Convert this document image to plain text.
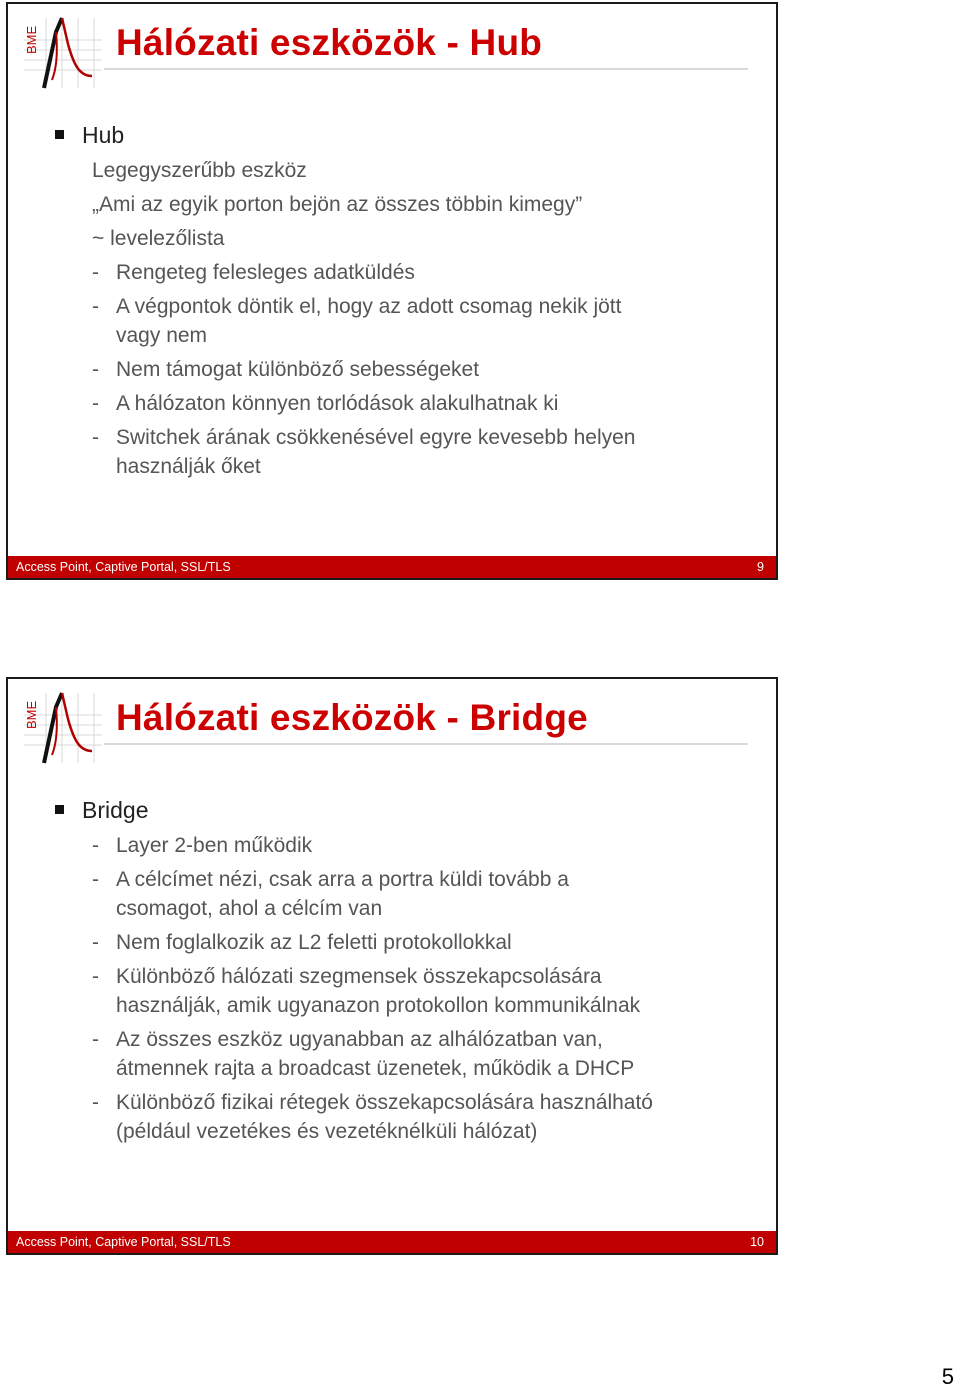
BME Hálózati eszközök - Hub
Hub
Legegyszerűbb eszköz
„Ami az egyik porton bejön az összes többin kimegy”
~ levelezőlista
- Rengeteg felesleges adatküldés
- A végpontok döntik el, hogy az adott csomag nekik jött
vagy nem
- Nem támogat különböző sebességeket
- A hálózaton könnyen torlódások alakulhatnak ki
- Switchek árának csökkenésével egyre kevesebb helyen
használják őket
Access Point, Captive Portal, SSL/TLS	9
BME Hálózati eszközök - Bridge
Bridge
- Layer 2-ben működik
- A célcímet nézi, csak arra a portra küldi tovább a
csomagot, ahol a célcím van
- Nem foglalkozik az L2 feletti protokollokkal
- Különböző hálózati szegmensek összekapcsolására
használják, amik ugyanazon protokollon kommunikálnak
- Az összes eszköz ugyanabban az alhálózatban van,
átmennek rajta a broadcast üzenetek, működik a DHCP
- Különböző fizikai rétegek összekapcsolására használható
(például vezetékes és vezetéknélküli hálózat)
Access Point, Captive Portal, SSL/TLS	10
5
